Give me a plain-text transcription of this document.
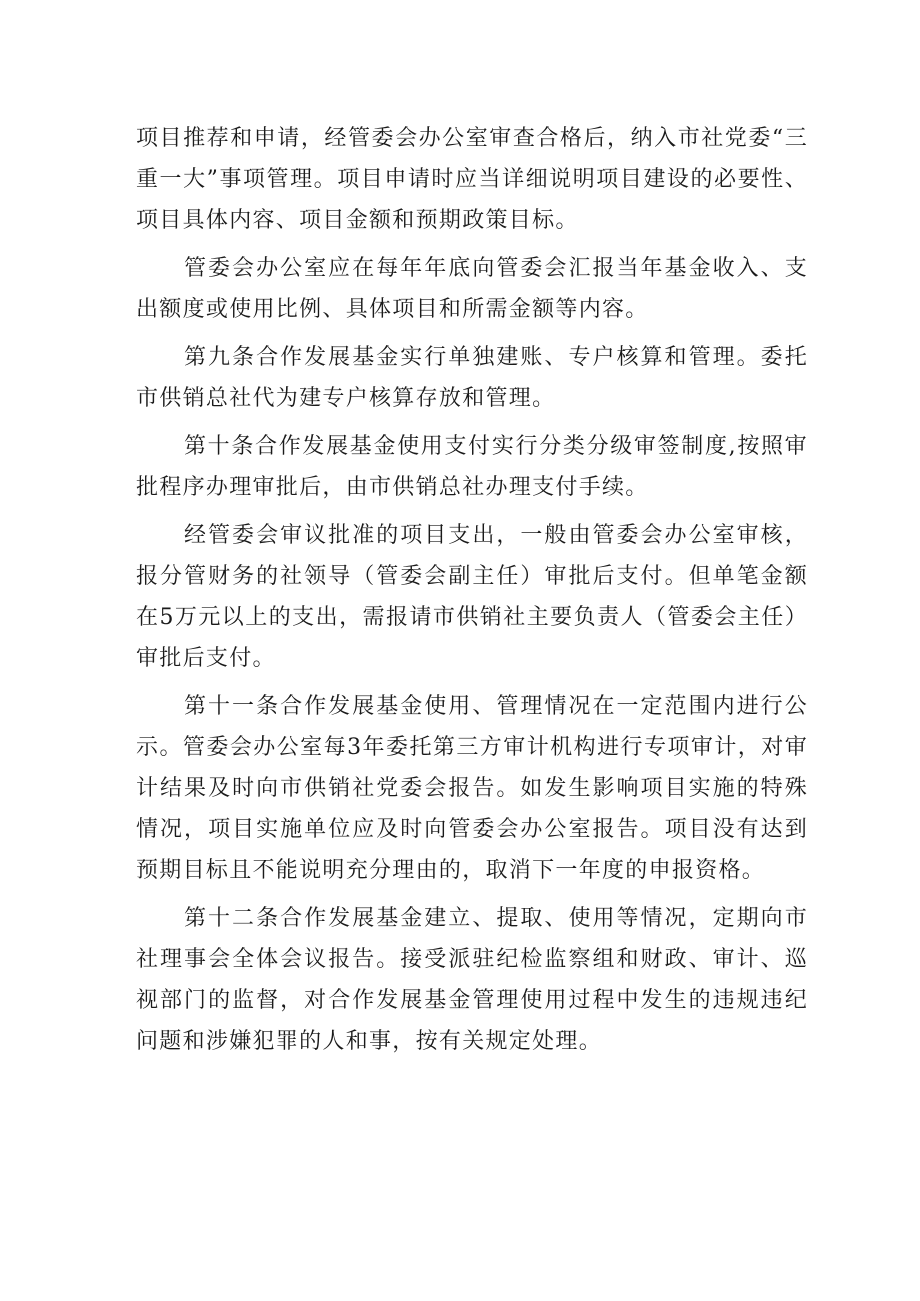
项目推荐和申请，经管委会办公室审查合格后，纳入市社党委“三重一大”事项管理。项目申请时应当详细说明项目建设的必要性、项目具体内容、项目金额和预期政策目标。

管委会办公室应在每年年底向管委会汇报当年基金收入、支出额度或使用比例、具体项目和所需金额等内容。

第九条合作发展基金实行单独建账、专户核算和管理。委托市供销总社代为建专户核算存放和管理。

第十条合作发展基金使用支付实行分类分级审签制度,按照审批程序办理审批后，由市供销总社办理支付手续。

经管委会审议批准的项目支出，一般由管委会办公室审核，报分管财务的社领导（管委会副主任）审批后支付。但单笔金额在5万元以上的支出，需报请市供销社主要负责人（管委会主任）审批后支付。

第十一条合作发展基金使用、管理情况在一定范围内进行公示。管委会办公室每3年委托第三方审计机构进行专项审计，对审计结果及时向市供销社党委会报告。如发生影响项目实施的特殊情况，项目实施单位应及时向管委会办公室报告。项目没有达到预期目标且不能说明充分理由的，取消下一年度的申报资格。

第十二条合作发展基金建立、提取、使用等情况，定期向市社理事会全体会议报告。接受派驻纪检监察组和财政、审计、巡视部门的监督，对合作发展基金管理使用过程中发生的违规违纪问题和涉嫌犯罪的人和事，按有关规定处理。
